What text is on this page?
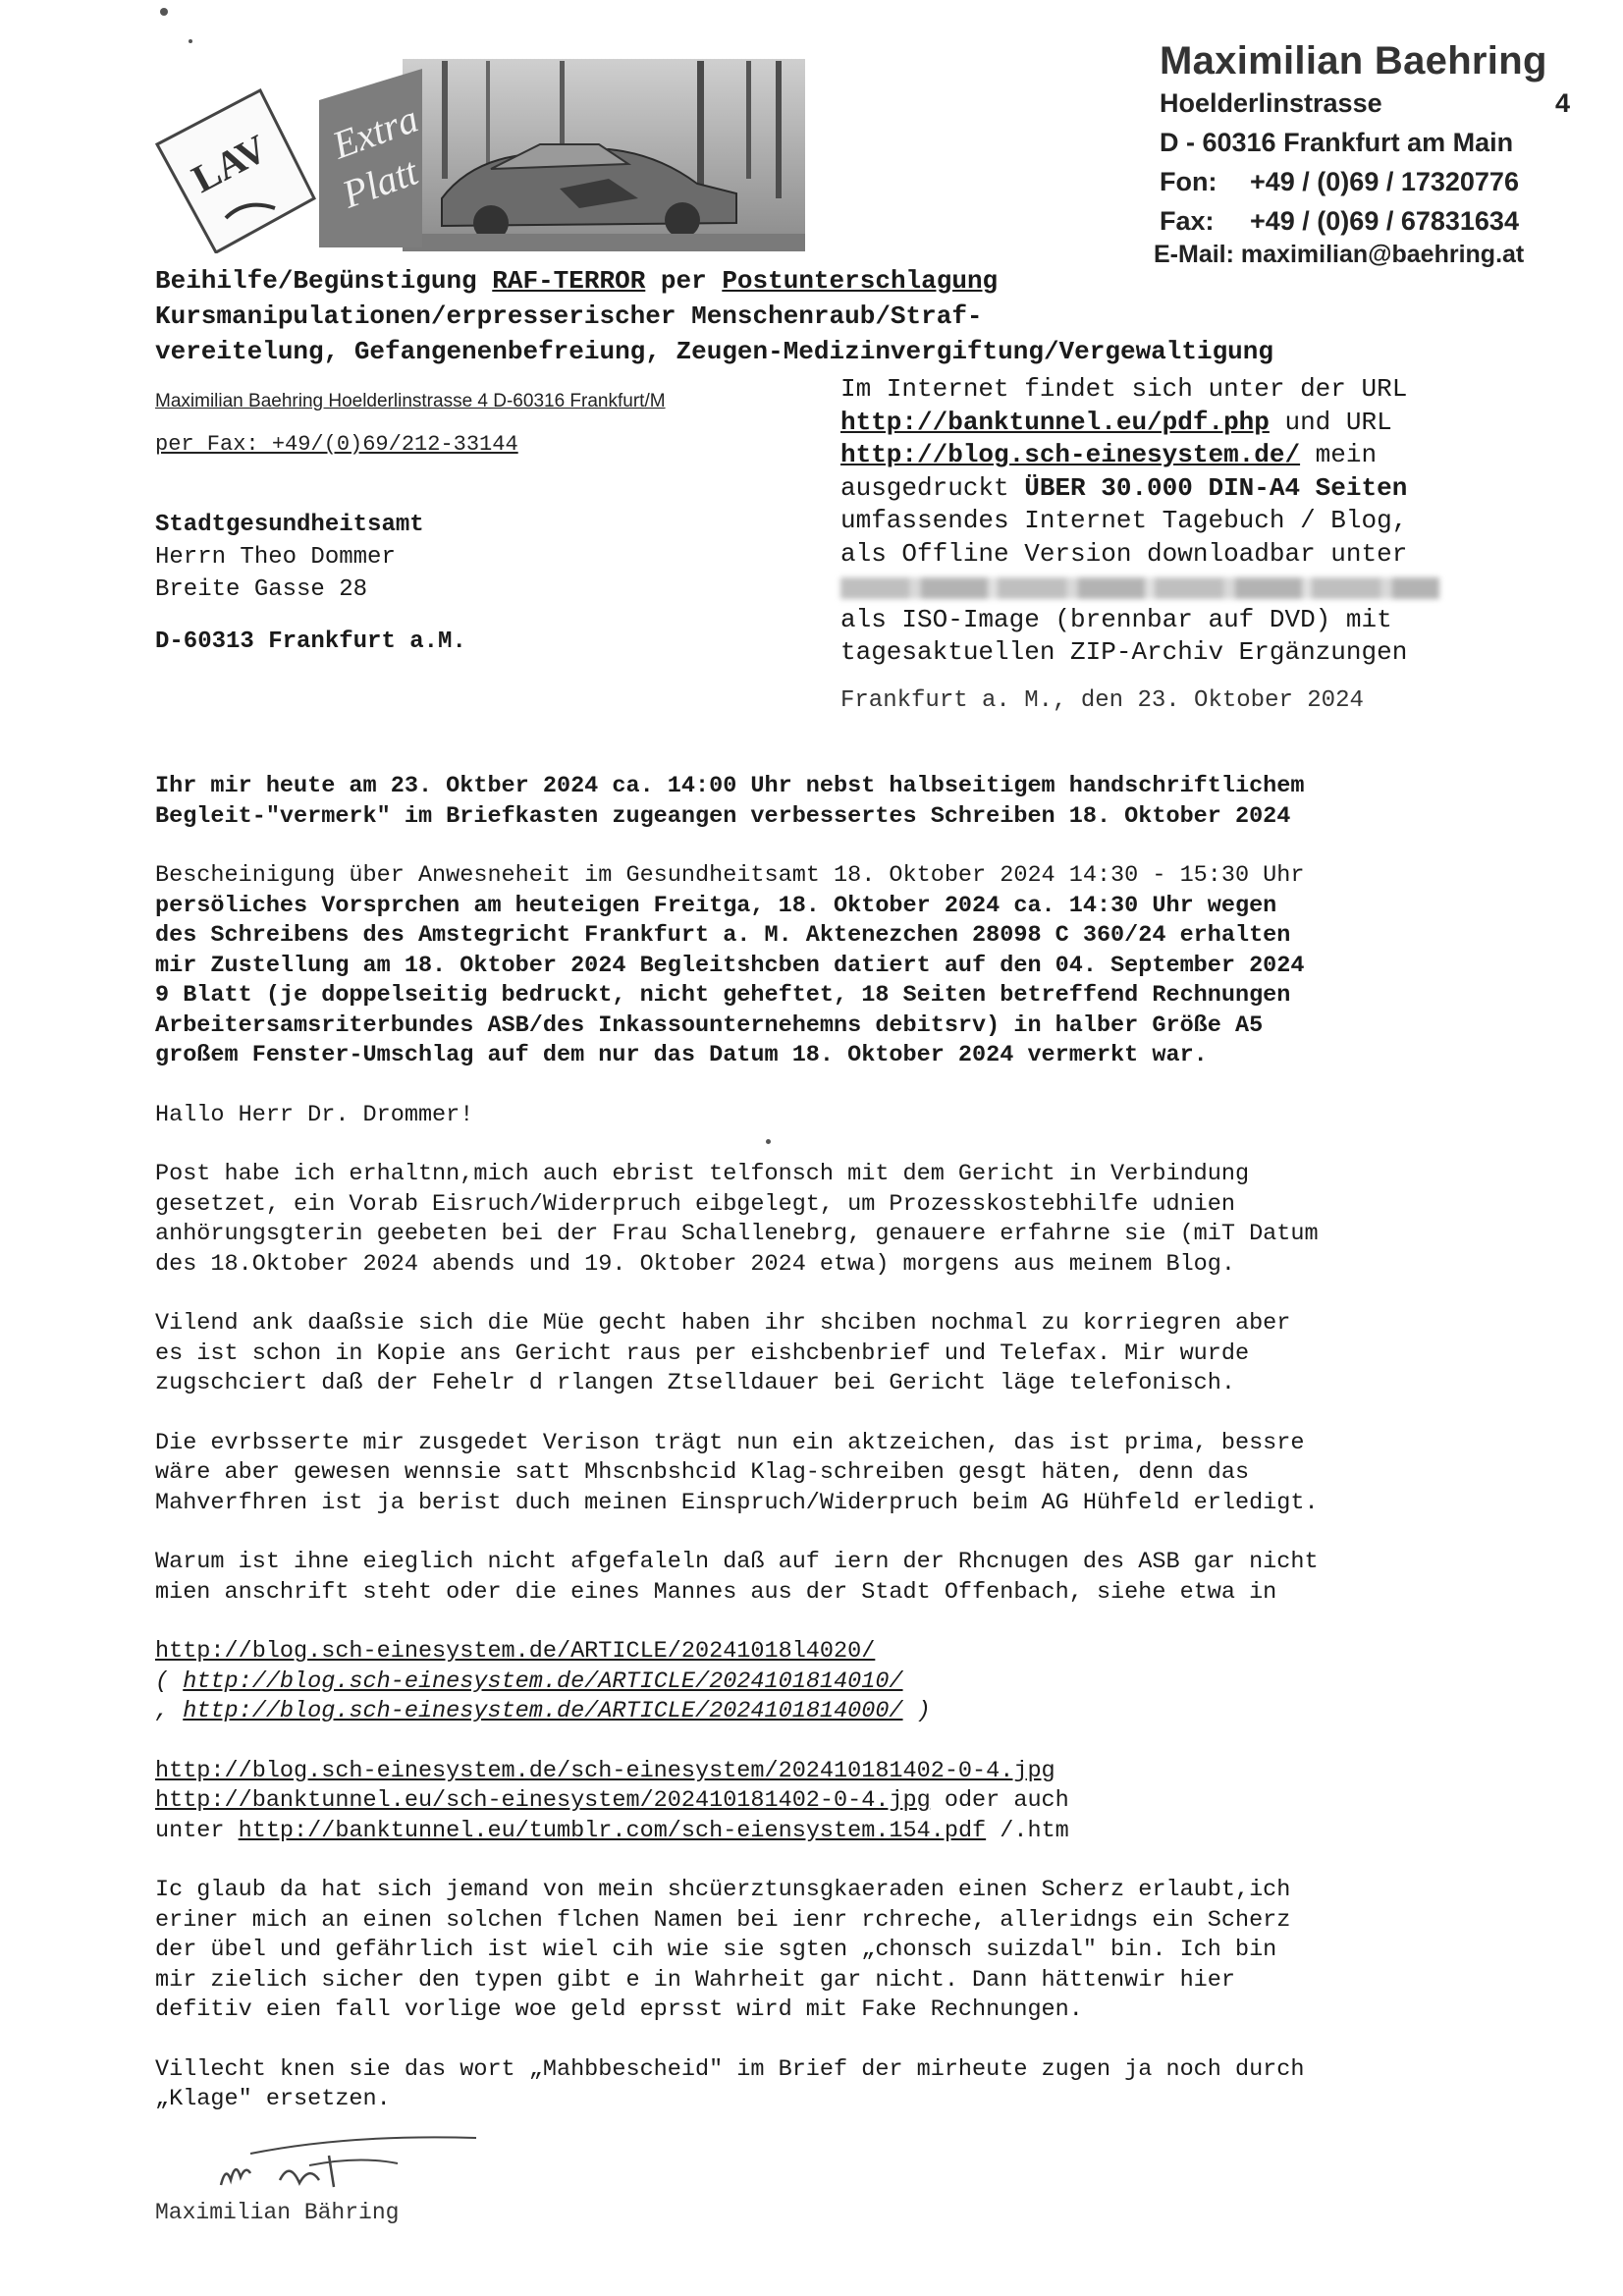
Extra
Platt
LAV
Maximilian Baehring
Hoelderlinstrasse	4
D - 60316 Frankfurt am Main
Fon: +49 / (0)69 / 17320776
Fax: +49 / (0)69 / 67831634
E-Mail: maximilian@baehring.at
Beihilfe/Begünstigung RAF-TERROR per Postunterschlagung
Kursmanipulationen/erpresserischer Menschenraub/Straf-
vereitelung, Gefangenenbefreiung, Zeugen-Medizinvergiftung/Vergewaltigung
Maximilian Baehring Hoelderlinstrasse 4 D-60316 Frankfurt/M
per Fax: +49/(0)69/212-33144
Stadtgesundheitsamt
Herrn Theo Dommer
Breite Gasse 28
D-60313 Frankfurt a.M.
Im Internet findet sich unter der URL
http://banktunnel.eu/pdf.php und URL
http://blog.sch-einesystem.de/ mein
ausgedruckt ÜBER 30.000 DIN-A4 Seiten
umfassendes Internet Tagebuch / Blog,
als Offline Version downloadbar unter
als ISO-Image (brennbar auf DVD) mit
tagesaktuellen ZIP-Archiv Ergänzungen
Frankfurt a. M., den 23. Oktober 2024

Ihr mir heute am 23. Oktber 2024 ca. 14:00 Uhr nebst halbseitigem handschriftlichem
Begleit-"vermerk" im Briefkasten zugeangen verbessertes Schreiben 18. Oktober 2024

Bescheinigung über Anwesneheit im Gesundheitsamt 18. Oktober 2024 14:30 - 15:30 Uhr

persöliches Vorsprchen am heuteigen Freitga, 18. Oktober 2024 ca. 14:30 Uhr wegen
des Schreibens des Amstegricht Frankfurt a. M. Aktenezchen 28098 C 360/24 erhalten
mir Zustellung am 18. Oktober 2024 Begleitshcben datiert auf den 04. September 2024
9 Blatt (je doppelseitig bedruckt, nicht geheftet, 18 Seiten betreffend Rechnungen
Arbeitersamsriterbundes ASB/des Inkassounternehemns debitsrv) in halber Größe A5
großem Fenster-Umschlag auf dem nur das Datum 18. Oktober 2024 vermerkt war.

Hallo Herr Dr. Drommer!

Post habe ich erhaltnn,mich auch ebrist telfonsch mit dem Gericht in Verbindung
gesetzet, ein Vorab Eisruch/Widerpruch eibgelegt, um Prozesskostebhilfe udnien
anhörungsgterin geebeten bei der Frau Schallenebrg, genauere erfahrne sie (miT Datum
des 18.Oktober 2024 abends und 19. Oktober 2024 etwa) morgens aus meinem Blog.

Vilend ank daaßsie sich die Müe gecht haben ihr shciben nochmal zu korriegren aber
es ist schon in Kopie ans Gericht raus per eishcbenbrief und Telefax. Mir wurde
zugschciert daß der Fehelr d rlangen Ztselldauer bei Gericht läge telefonisch.

Die evrbsserte mir zusgedet Verison trägt nun ein aktzeichen, das ist prima, bessre
wäre aber gewesen wennsie satt Mhscnbshcid Klag-schreiben gesgt häten, denn das
Mahverfhren ist ja berist duch meinen Einspruch/Widerpruch beim AG Hühfeld erledigt.

Warum ist ihne eieglich nicht afgefaleln daß auf iern der Rhcnugen des ASB gar nicht
mien anschrift steht oder die eines Mannes aus der Stadt Offenbach, siehe etwa in

http://blog.sch-einesystem.de/ARTICLE/20241018l4020/
( http://blog.sch-einesystem.de/ARTICLE/2024101814010/
, http://blog.sch-einesystem.de/ARTICLE/2024101814000/ )
http://blog.sch-einesystem.de/sch-einesystem/202410181402-0-4.jpg
http://banktunnel.eu/sch-einesystem/202410181402-0-4.jpg oder auch
unter http://banktunnel.eu/tumblr.com/sch-eiensystem.154.pdf /.htm

Ic glaub da hat sich jemand von mein shcüerztunsgkaeraden einen Scherz erlaubt,ich
eriner mich an einen solchen flchen Namen bei ienr rchreche, alleridngs ein Scherz
der übel und gefährlich ist wiel cih wie sie sgten „chonsch suizdal" bin. Ich bin
mir zielich sicher den typen gibt e in Wahrheit gar nicht. Dann hättenwir hier
defitiv eien fall vorlige woe geld eprsst wird mit Fake Rechnungen.

Villecht knen sie das wort „Mahbbescheid" im Brief der mirheute zugen ja noch durch
„Klage" ersetzen.

Maximilian Bähring
